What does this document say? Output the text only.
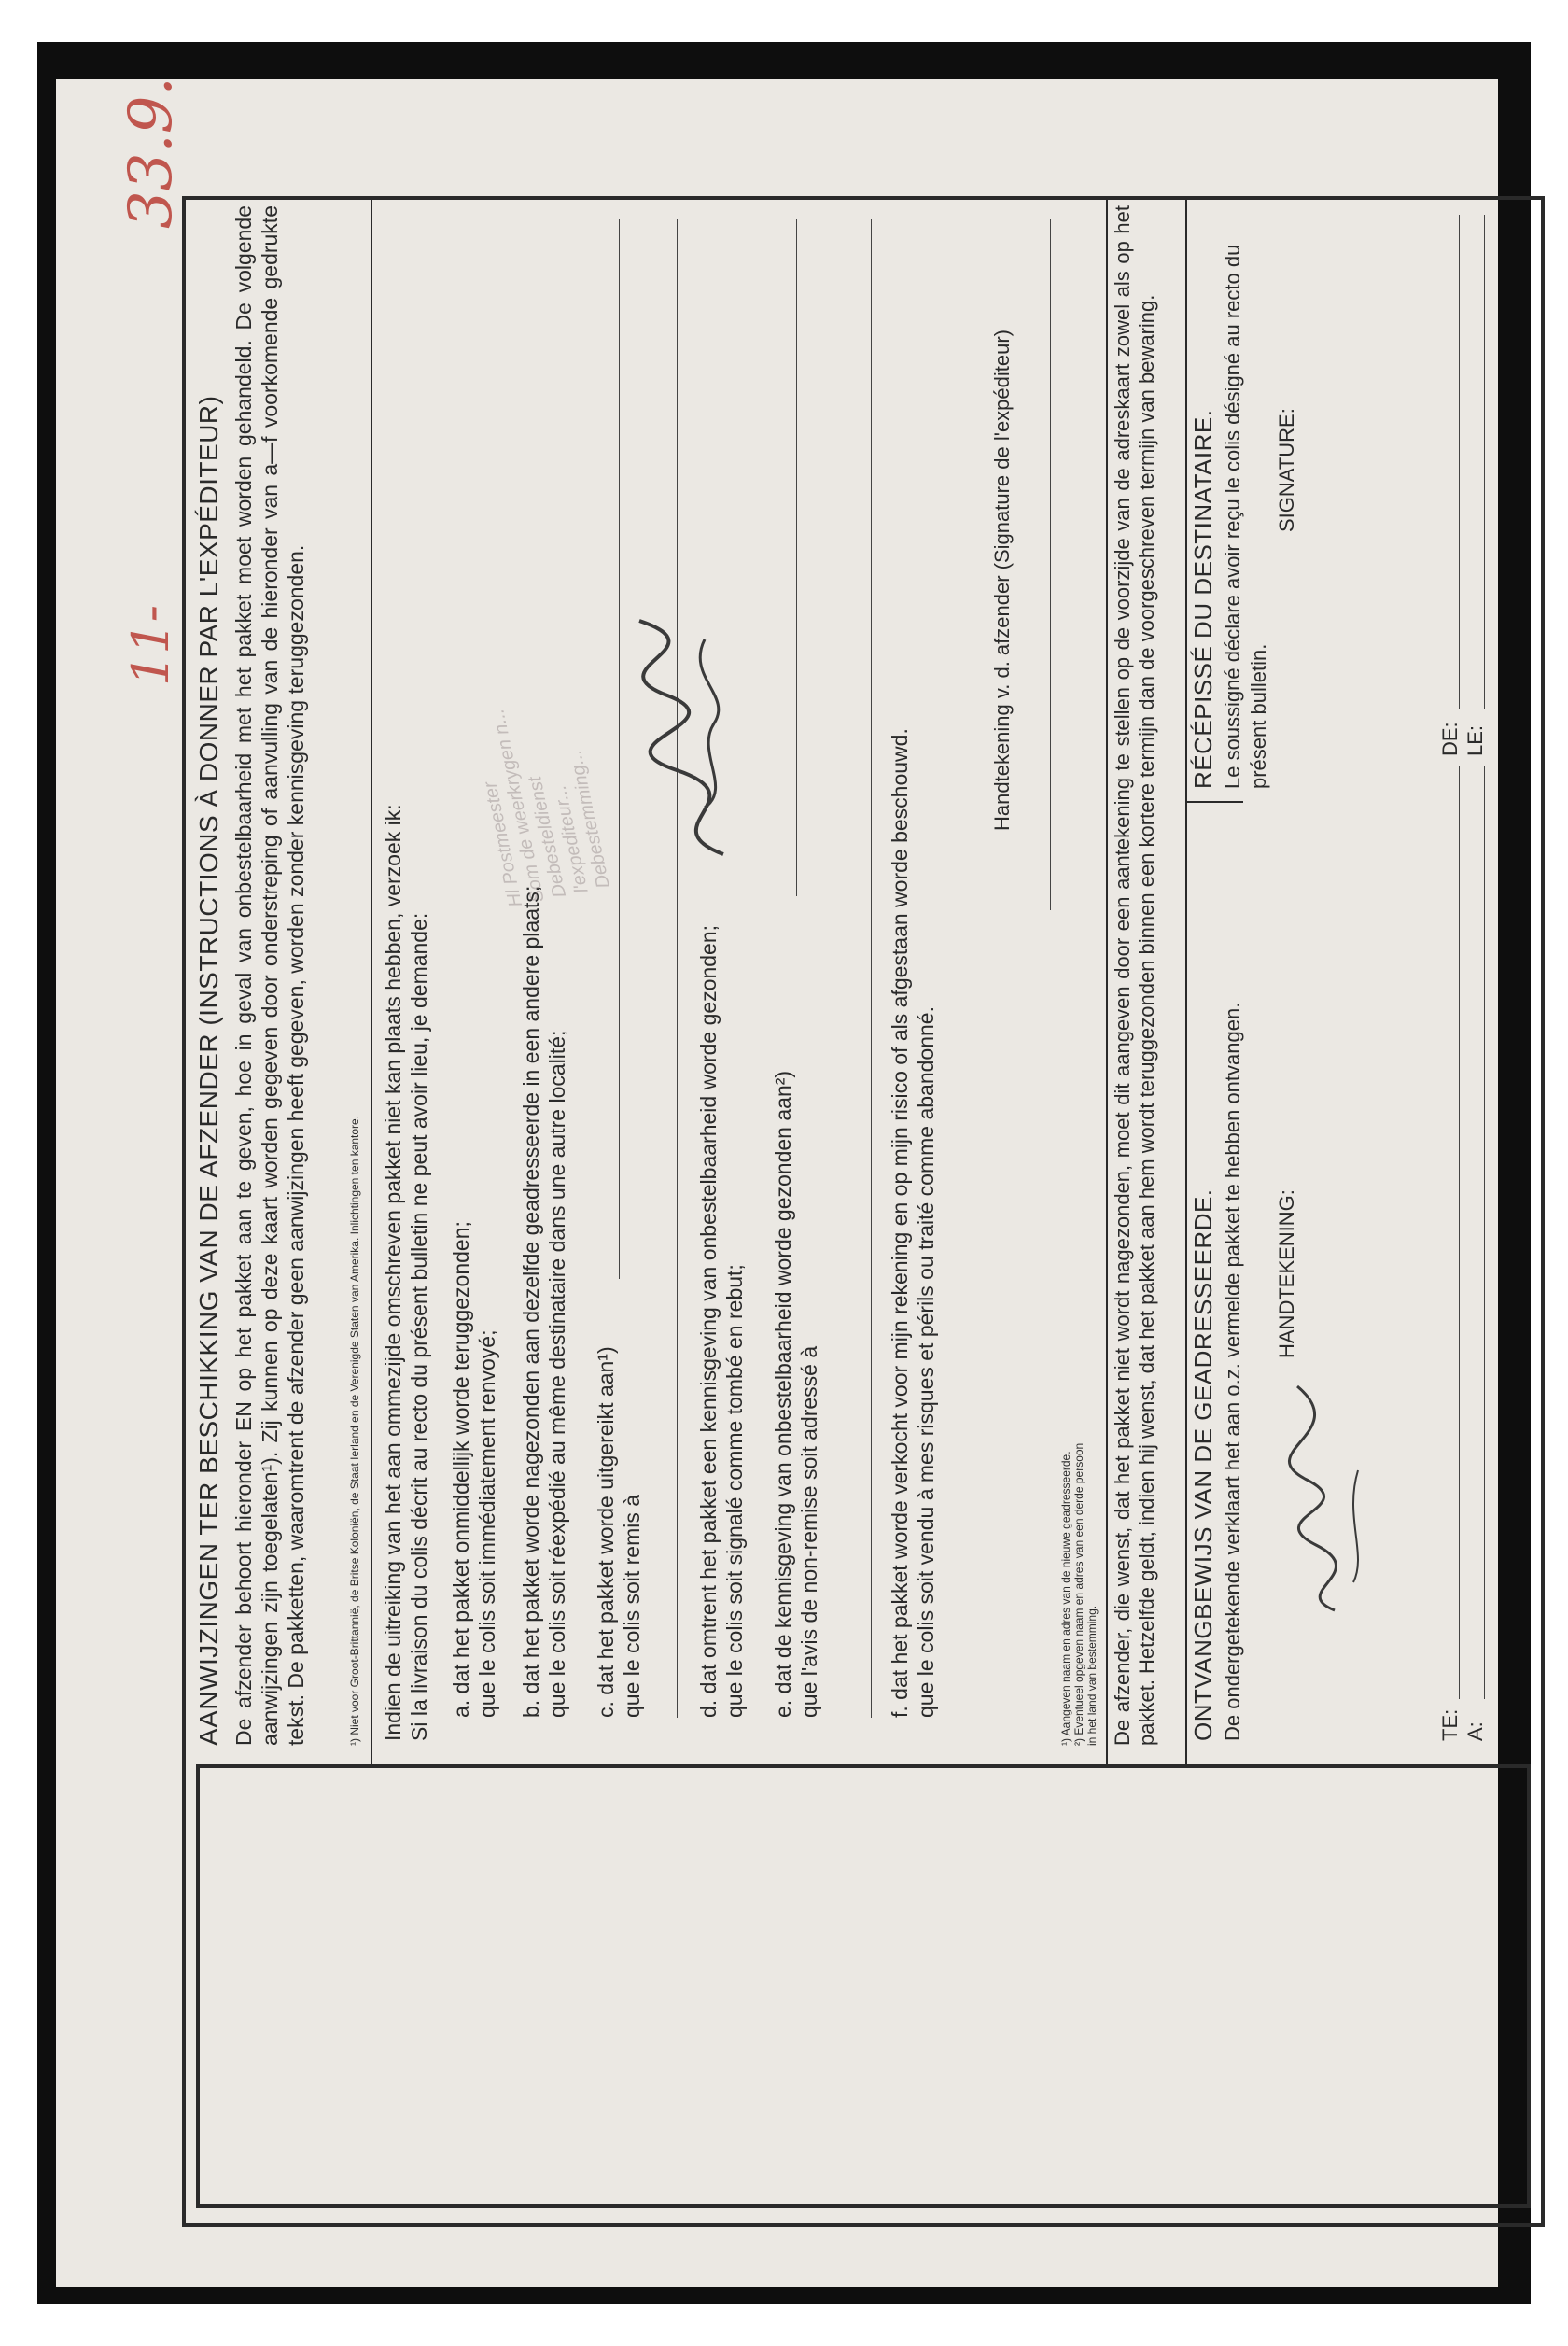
33.9.
11- AANWIJZINGEN TER BESCHIKKING VAN DE AFZENDER (INSTRUCTIONS À DONNER PAR L'EXPÉDITEUR) De afzender behoort hieronder EN op het pakket aan te geven, hoe in geval van onbestelbaarheid met het pakket moet worden gehandeld. De volgende aanwijzingen zijn toegelaten¹). Zij kunnen op deze kaart worden gegeven door onderstreping of aanvulling van de hieronder van a—f voorkomende gedrukte tekst. De pakketten, waaromtrent de afzender geen aanwijzingen heeft gegeven, worden zonder kennisgeving teruggezonden.	¹) Niet voor Groot-Brittannië, de Britse Koloniën, de Staat Ierland en de Verenigde Staten van Amerika. Inlichtingen ten kantore. Indien de uitreiking van het aan ommezijde omschreven pakket niet kan plaats hebben, verzoek ik:
Si la livraison du colis décrit au recto du présent bulletin ne peut avoir lieu, je demande:
a. dat het pakket onmiddellijk worde teruggezonden;
que le colis soit immédiatement renvoyé;
b. dat het pakket worde nagezonden aan dezelfde geadresseerde in een andere plaats;
que le colis soit réexpédié au même destinataire dans une autre localité;
c. dat het pakket worde uitgereikt aan¹)
que le colis soit remis à
d. dat omtrent het pakket een kennisgeving van onbestelbaarheid worde gezonden;
que le colis soit signalé comme tombé en rebut;
e. dat de kennisgeving van onbestelbaarheid worde gezonden aan²)
que l'avis de non-remise soit adressé à
f. dat het pakket worde verkocht voor mijn rekening en op mijn risico of als afgestaan worde beschouwd.
que le colis soit vendu à mes risques et périls ou traité comme abandonné.
Handtekening v. d. afzender (Signature de l'expéditeur)
¹) Aangeven naam en adres van de nieuwe geadresseerde.
²) Eventueel opgeven naam en adres van een derde persoon
in het land van bestemming. De afzender, die wenst, dat het pakket niet wordt nagezonden, moet dit aangeven door een aantekening te stellen op de voorzijde van de adreskaart zowel als op het pakket. Hetzelfde geldt, indien hij wenst, dat het pakket aan hem wordt teruggezonden binnen een kortere termijn dan de voorgeschreven termijn van bewaring. ONTVANGBEWIJS VAN DE GEADRESSEERDE. De ondergetekende verklaart het aan o.z. vermelde pakket te hebben ontvangen. HANDTEKENING:
RÉCÉPISSÉ DU DESTINATAIRE. Le soussigné déclare avoir reçu le colis désigné au recto du présent bulletin.
SIGNATURE:
TE: A:
DE: LE:
Hl Postmeester
Som de weerkrygen n...
Debesteldienst
l'expediteur...
Debestemming...
